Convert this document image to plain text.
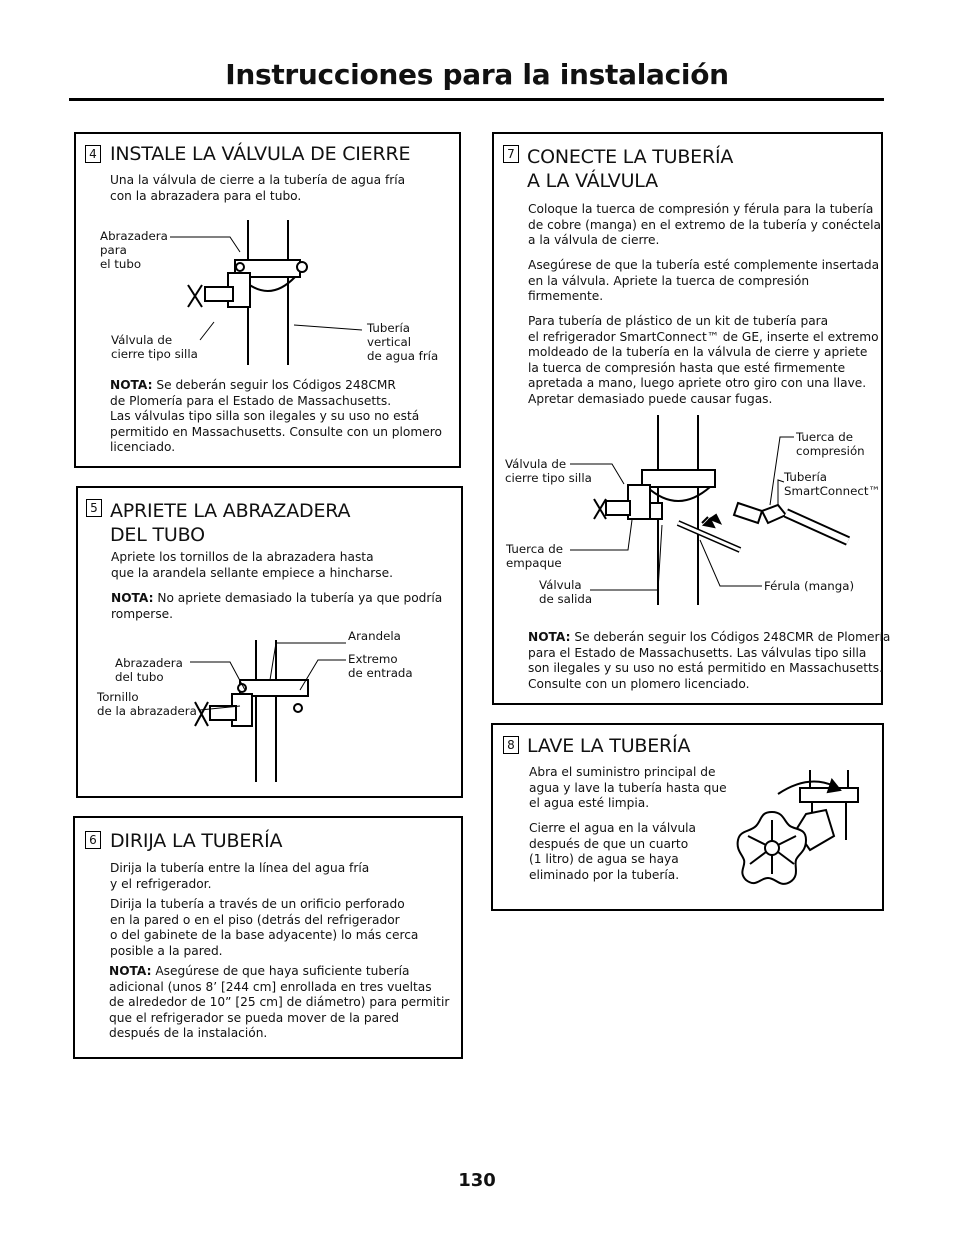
Instrucciones para la instalación
4 INSTALE LA VÁLVULA DE CIERRE
Una la válvula de cierre a la tubería de agua fría
con la abrazadera para el tubo.
Abrazadera
para
el tubo
Válvula de
cierre tipo silla
Tubería
vertical
de agua fría
NOTA: Se deberán seguir los Códigos 248CMR
de Plomería para el Estado de Massachusetts.
Las válvulas tipo silla son ilegales y su uso no está
permitido en Massachusetts. Consulte con un plomero
licenciado.
5 APRIETE LA ABRAZADERA
DEL TUBO
Apriete los tornillos de la abrazadera hasta
que la arandela sellante empiece a hincharse.
NOTA: No apriete demasiado la tubería ya que podría
romperse.
Arandela
Extremo
de entrada
Abrazadera
del tubo
Tornillo
de la abrazadera
6 DIRIJA LA TUBERÍA
Dirija la tubería entre la línea del agua fría
y el refrigerador.
Dirija la tubería a través de un orificio perforado
en la pared o en el piso (detrás del refrigerador
o del gabinete de la base adyacente) lo más cerca
posible a la pared.
NOTA: Asegúrese de que haya suficiente tubería
adicional (unos 8’ [244 cm] enrollada en tres vueltas
de alrededor de 10” [25 cm] de diámetro) para permitir
que el refrigerador se pueda mover de la pared
después de la instalación.
7 CONECTE LA TUBERÍA
A LA VÁLVULA
Coloque la tuerca de compresión y férula para la tubería
de cobre (manga) en el extremo de la tubería y conéctela
a la válvula de cierre.
Asegúrese de que la tubería esté complemente insertada
en la válvula. Apriete la tuerca de compresión
firmemente.
Para tubería de plástico de un kit de tubería para
el refrigerador SmartConnect™ de GE, inserte el extremo
moldeado de la tubería en la válvula de cierre y apriete
la tuerca de compresión hasta que esté firmemente
apretada a mano, luego apriete otro giro con una llave.
Apretar demasiado puede causar fugas.
Válvula de
cierre tipo silla
Tuerca de
compresión
Tubería
SmartConnect™
Tuerca de
empaque
Válvula
de salida
Férula (manga)
NOTA: Se deberán seguir los Códigos 248CMR de Plomería
para el Estado de Massachusetts. Las válvulas tipo silla
son ilegales y su uso no está permitido en Massachusetts.
Consulte con un plomero licenciado.
8 LAVE LA TUBERÍA
Abra el suministro principal de
agua y lave la tubería hasta que
el agua esté limpia.
Cierre el agua en la válvula
después de que un cuarto
(1 litro) de agua se haya
eliminado por la tubería.
130
